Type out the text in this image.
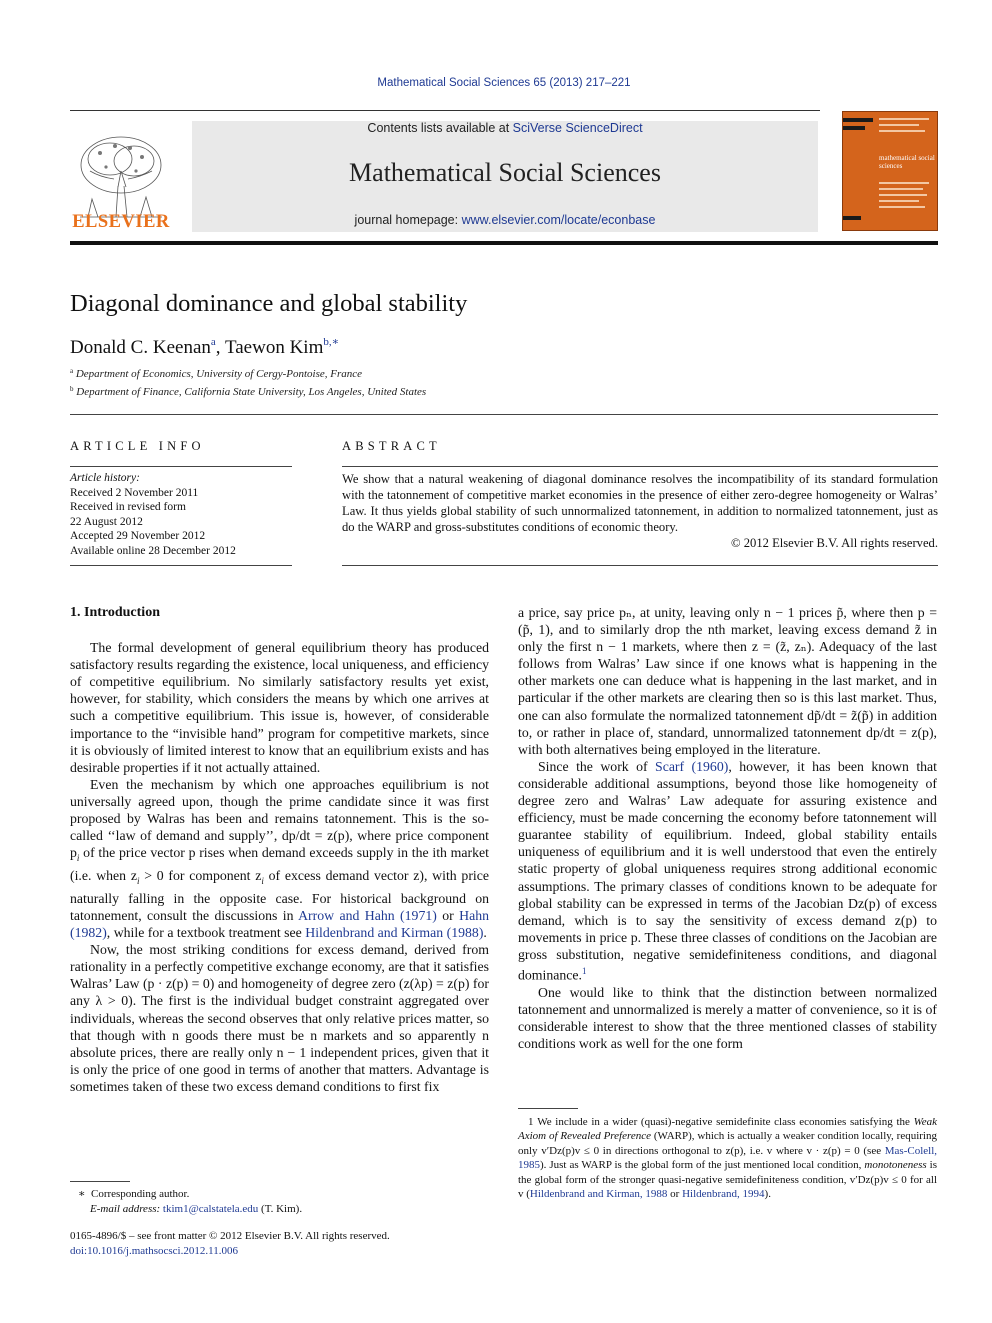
Mathematical Social Sciences 65 (2013) 217–221
ELSEVIER
Contents lists available at SciVerse ScienceDirect
Mathematical Social Sciences
journal homepage: www.elsevier.com/locate/econbase
mathematical social sciences
Diagonal dominance and global stability
Donald C. Keenan$^a$, Taewon Kim$^{b,∗}$
$^a$ Department of Economics, University of Cergy-Pontoise, France
$^b$ Department of Finance, California State University, Los Angeles, United States
ARTICLE INFO	ABSTRACT
Article history:
Received 2 November 2011
Received in revised form
22 August 2012
Accepted 29 November 2012
Available online 28 December 2012
We show that a natural weakening of diagonal dominance resolves the incompatibility of its standard formulation with the tatonnement of competitive market economies in the presence of either zero-degree homogeneity or Walras’ Law. It thus yields global stability of such unnormalized tatonnement, in addition to normalized tatonnement, just as do the WARP and gross-substitutes conditions of economic theory.
© 2012 Elsevier B.V. All rights reserved.

1. Introduction

The formal development of general equilibrium theory has produced satisfactory results regarding the existence, local uniqueness, and efficiency of competitive equilibrium. No similarly satisfactory results yet exist, however, for stability, which considers the means by which one arrives at such a competitive equilibrium. This issue is, however, of considerable importance to the “invisible hand” program for competitive markets, since it is obviously of limited interest to know that an equilibrium exists and has desirable properties if it not actually attained.

Even the mechanism by which one approaches equilibrium is not universally agreed upon, though the prime candidate since it was first proposed by Walras has been and remains tatonnement. This is the so-called ‘‘law of demand and supply’’, dp/dt = z(p), where price component $p_i$ of the price vector p rises when demand exceeds supply in the ith market (i.e. when $z_i > 0$ for component $z_i$ of excess demand vector z), with price naturally falling in the opposite case. For historical background on tatonnement, consult the discussions in Arrow and Hahn (1971) or Hahn (1982), while for a textbook treatment see Hildenbrand and Kirman (1988).

Now, the most striking conditions for excess demand, derived from rationality in a perfectly competitive exchange economy, are that it satisfies Walras’ Law (p · z(p) = 0) and homogeneity of degree zero (z(λp) = z(p) for any λ > 0). The first is the individual budget constraint aggregated over individuals, whereas the second observes that only relative prices matter, so that though with n goods there must be n markets and so apparently n absolute prices, there are really only n − 1 independent prices, given that it is only the price of one good in terms of another that matters. Advantage is sometimes taken of these two excess demand conditions to first fix

a price, say price pₙ, at unity, leaving only n − 1 prices p̃, where then p = (p̃, 1), and to similarly drop the nth market, leaving excess demand z̃ in only the first n − 1 markets, where then z = (z̃, zₙ). Adequacy of the last follows from Walras’ Law since if one knows what is happening in the other markets one can deduce what is happening in the last market, and in particular if the other markets are clearing then so is this last market. Thus, one can also formulate the normalized tatonnement dp̃/dt = z̃(p̃) in addition to, or rather in place of, standard, unnormalized tatonnement dp/dt = z(p), with both alternatives being employed in the literature.

Since the work of Scarf (1960), however, it has been known that considerable additional assumptions, beyond those like homogeneity of degree zero and Walras’ Law adequate for assuring existence and efficiency, must be made concerning the economy before tatonnement will guarantee stability of equilibrium. Indeed, global stability entails uniqueness of equilibrium and it is well understood that even the entirely static property of global uniqueness requires strong additional economic assumptions. The primary classes of conditions known to be adequate for global stability can be expressed in terms of the Jacobian Dz(p) of excess demand, which is to say the sensitivity of excess demand z(p) to movements in price p. These three classes of conditions on the Jacobian are gross substitution, negative semidefiniteness conditions, and diagonal dominance.$^1$

One would like to think that the distinction between normalized tatonnement and unnormalized is merely a matter of convenience, so it is of considerable interest to show that the three mentioned classes of stability conditions work as well for the one form

1 We include in a wider (quasi)-negative semidefinite class economies satisfying the Weak Axiom of Revealed Preference (WARP), which is actually a weaker condition locally, requiring only v′Dz(p)v ≤ 0 in directions orthogonal to z(p), i.e. v where v · z(p) = 0 (see Mas-Colell, 1985). Just as WARP is the global form of the just mentioned local condition, monotoneness is the global form of the stronger quasi-negative semidefiniteness condition, v′Dz(p)v ≤ 0 for all v (Hildenbrand and Kirman, 1988 or Hildenbrand, 1994).
∗ Corresponding author.
E-mail address: tkim1@calstatela.edu (T. Kim).
0165-4896/$ – see front matter © 2012 Elsevier B.V. All rights reserved.
doi:10.1016/j.mathsocsci.2012.11.006
